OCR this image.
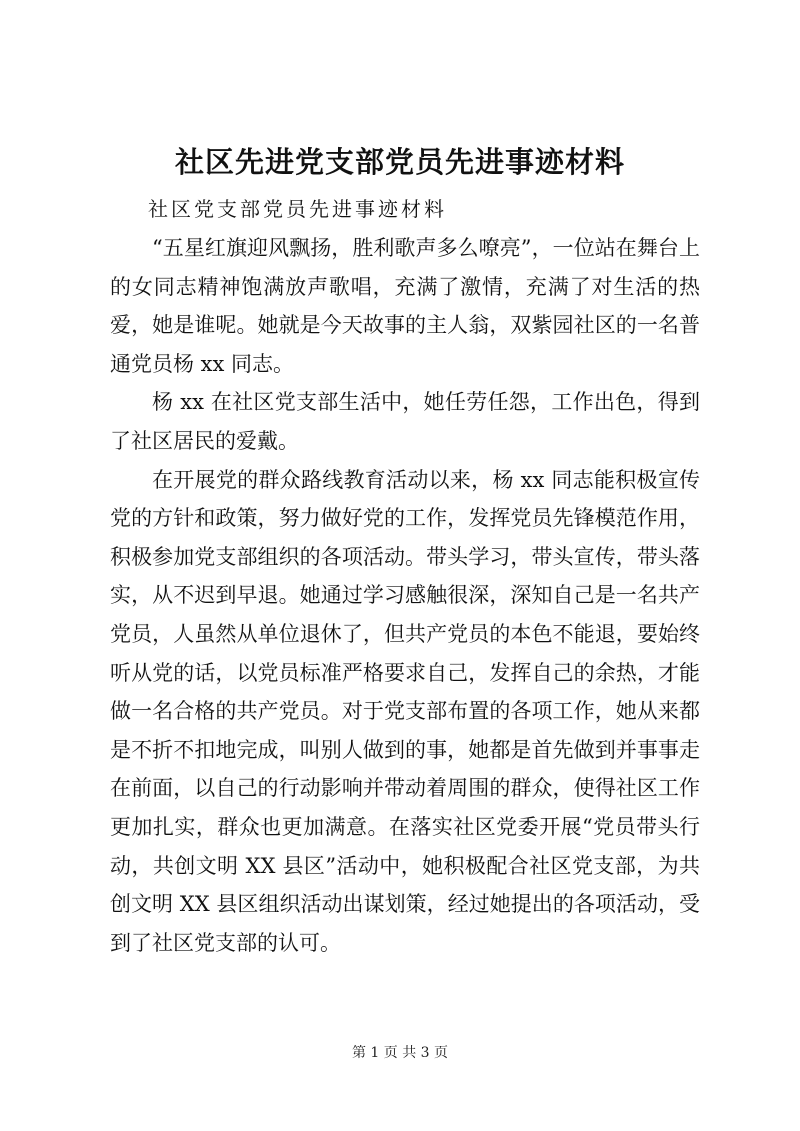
社区先进党支部党员先进事迹材料
社区党支部党员先进事迹材料

“五星红旗迎风飘扬，胜利歌声多么嘹亮”，一位站在舞台上的女同志精神饱满放声歌唱，充满了激情，充满了对生活的热爱，她是谁呢。她就是今天故事的主人翁，双紫园社区的一名普通党员杨 xx 同志。

杨 xx 在社区党支部生活中，她任劳任怨，工作出色，得到了社区居民的爱戴。

在开展党的群众路线教育活动以来，杨 xx 同志能积极宣传党的方针和政策，努力做好党的工作，发挥党员先锋模范作用，积极参加党支部组织的各项活动。带头学习，带头宣传，带头落实，从不迟到早退。她通过学习感触很深，深知自己是一名共产党员，人虽然从单位退休了，但共产党员的本色不能退，要始终听从党的话，以党员标准严格要求自己，发挥自己的余热，才能做一名合格的共产党员。对于党支部布置的各项工作，她从来都是不折不扣地完成，叫别人做到的事，她都是首先做到并事事走在前面，以自己的行动影响并带动着周围的群众，使得社区工作更加扎实，群众也更加满意。在落实社区党委开展“党员带头行动，共创文明 XX 县区”活动中，她积极配合社区党支部，为共创文明 XX 县区组织活动出谋划策，经过她提出的各项活动，受到了社区党支部的认可。

第 1 页 共 3 页
